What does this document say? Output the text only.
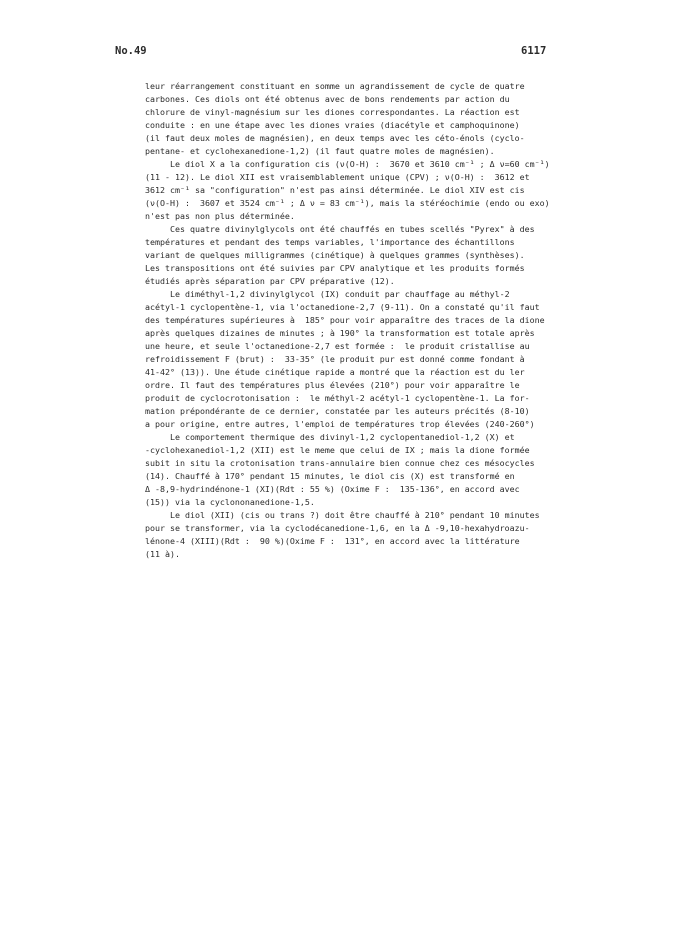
No.49	6117
leur réarrangement constituant en somme un agrandissement de cycle de quatre
carbones. Ces diols ont été obtenus avec de bons rendements par action du
chlorure de vinyl-magnésium sur les diones correspondantes. La réaction est
conduite : en une étape avec les diones vraies (diacétyle et camphoquinone)
(il faut deux moles de magnésien), en deux temps avec les céto-énols (cyclo-
pentane- et cyclohexanedione-1,2) (il faut quatre moles de magnésien).
Le diol X a la configuration cis (ν(O-H) :  3670 et 3610 cm⁻¹ ; Δ ν=60 cm⁻¹)
(11 - 12). Le diol XII est vraisemblablement unique (CPV) ; ν(O-H) :  3612 et
3612 cm⁻¹ sa "configuration" n'est pas ainsi déterminée. Le diol XIV est cis
(ν(O-H) :  3607 et 3524 cm⁻¹ ; Δ ν = 83 cm⁻¹), mais la stéréochimie (endo ou exo)
n'est pas non plus déterminée.
Ces quatre divinylglycols ont été chauffés en tubes scellés "Pyrex" à des
températures et pendant des temps variables, l'importance des échantillons
variant de quelques milligrammes (cinétique) à quelques grammes (synthèses).
Les transpositions ont été suivies par CPV analytique et les produits formés
étudiés après séparation par CPV préparative (12).
Le diméthyl-1,2 divinylglycol (IX) conduit par chauffage au méthyl-2
acétyl-1 cyclopentène-1, via l'octanedione-2,7 (9-11). On a constaté qu'il faut
des températures supérieures à  185° pour voir apparaître des traces de la dione
après quelques dizaines de minutes ; à 190° la transformation est totale après
une heure, et seule l'octanedione-2,7 est formée :  le produit cristallise au
refroidissement F (brut) :  33-35° (le produit pur est donné comme fondant à
41-42° (13)). Une étude cinétique rapide a montré que la réaction est du ler
ordre. Il faut des températures plus élevées (210°) pour voir apparaître le
produit de cyclocrotonisation :  le méthyl-2 acétyl-1 cyclopentène-1. La for-
mation prépondérante de ce dernier, constatée par les auteurs précités (8-10)
a pour origine, entre autres, l'emploi de températures trop élevées (240-260°)
Le comportement thermique des divinyl-1,2 cyclopentanediol-1,2 (X) et
-cyclohexanediol-1,2 (XII) est le meme que celui de IX ; mais la dione formée
subit in situ la crotonisation trans-annulaire bien connue chez ces mésocycles
(14). Chauffé à 170° pendant 15 minutes, le diol cis (X) est transformé en
Δ -8,9-hydrindénone-1 (XI)(Rdt : 55 %) (Oxime F :  135-136°, en accord avec
(15)) via la cyclononanedione-1,5.
Le diol (XII) (cis ou trans ?) doit être chauffé à 210° pendant 10 minutes
pour se transformer, via la cyclodécanedione-1,6, en la Δ -9,10-hexahydroazu-
lénone-4 (XIII)(Rdt :  90 %)(Oxime F :  131°, en accord avec la littérature
(11 à).
